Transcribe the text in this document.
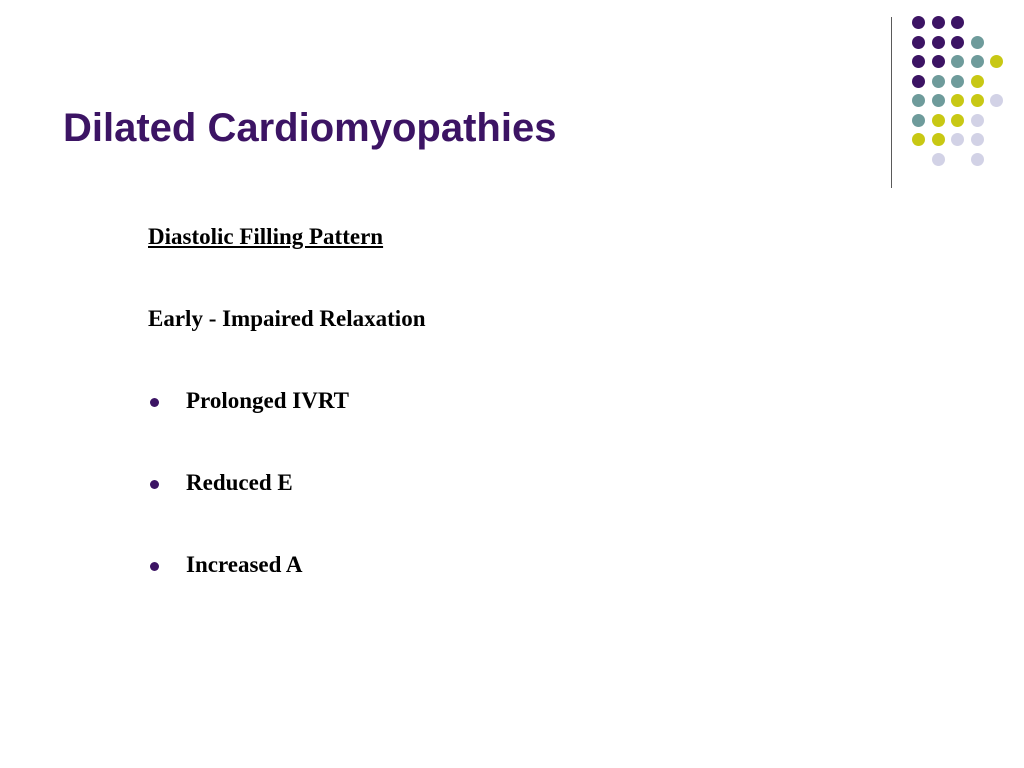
Dilated Cardiomyopathies
Diastolic Filling Pattern
Early - Impaired Relaxation
Prolonged IVRT
Reduced E
Increased A
